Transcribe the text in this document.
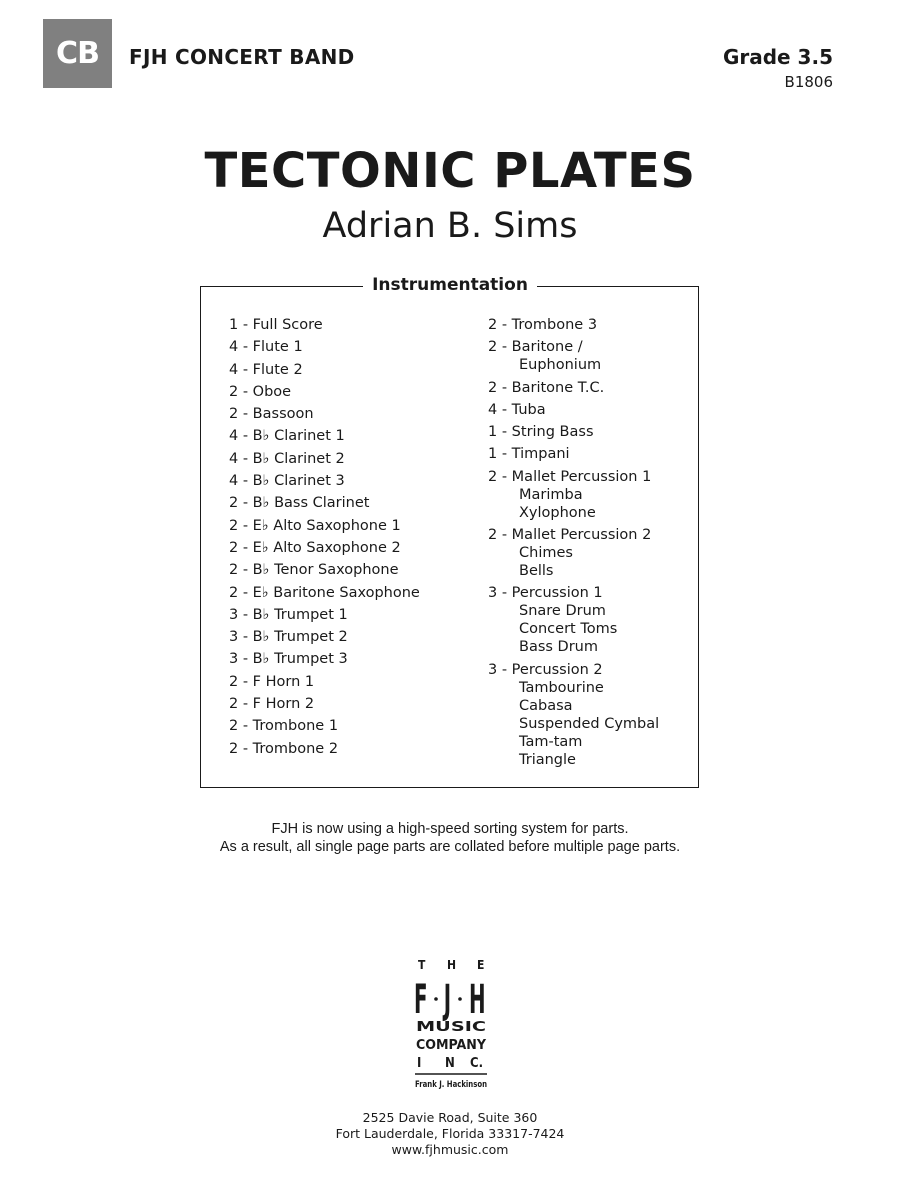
CB	FJH CONCERT BAND	Grade 3.5
B1806
TECTONIC PLATES
Adrian B. Sims
Instrumentation
1 - Full Score
4 - Flute 1
4 - Flute 2
2 - Oboe
2 - Bassoon
4 - B♭ Clarinet 1
4 - B♭ Clarinet 2
4 - B♭ Clarinet 3
2 - B♭ Bass Clarinet
2 - E♭ Alto Saxophone 1
2 - E♭ Alto Saxophone 2
2 - B♭ Tenor Saxophone
2 - E♭ Baritone Saxophone
3 - B♭ Trumpet 1
3 - B♭ Trumpet 2
3 - B♭ Trumpet 3
2 - F Horn 1
2 - F Horn 2
2 - Trombone 1
2 - Trombone 2
2 - Trombone 3
2 - Baritone /
Euphonium
2 - Baritone T.C.
4 - Tuba
1 - String Bass
1 - Timpani
2 - Mallet Percussion 1
Marimba
Xylophone
2 - Mallet Percussion 2
Chimes
Bells
3 - Percussion 1
Snare Drum
Concert Toms
Bass Drum
3 - Percussion 2
Tambourine
Cabasa
Suspended Cymbal
Tam-tam
Triangle
FJH is now using a high-speed sorting system for parts.
As a result, all single page parts are collated before multiple page parts.
T H E
F J H
MUSIC
COMPANY
I N C.
Frank J. Hackinson
2525 Davie Road, Suite 360
Fort Lauderdale, Florida 33317-7424
www.fjhmusic.com
